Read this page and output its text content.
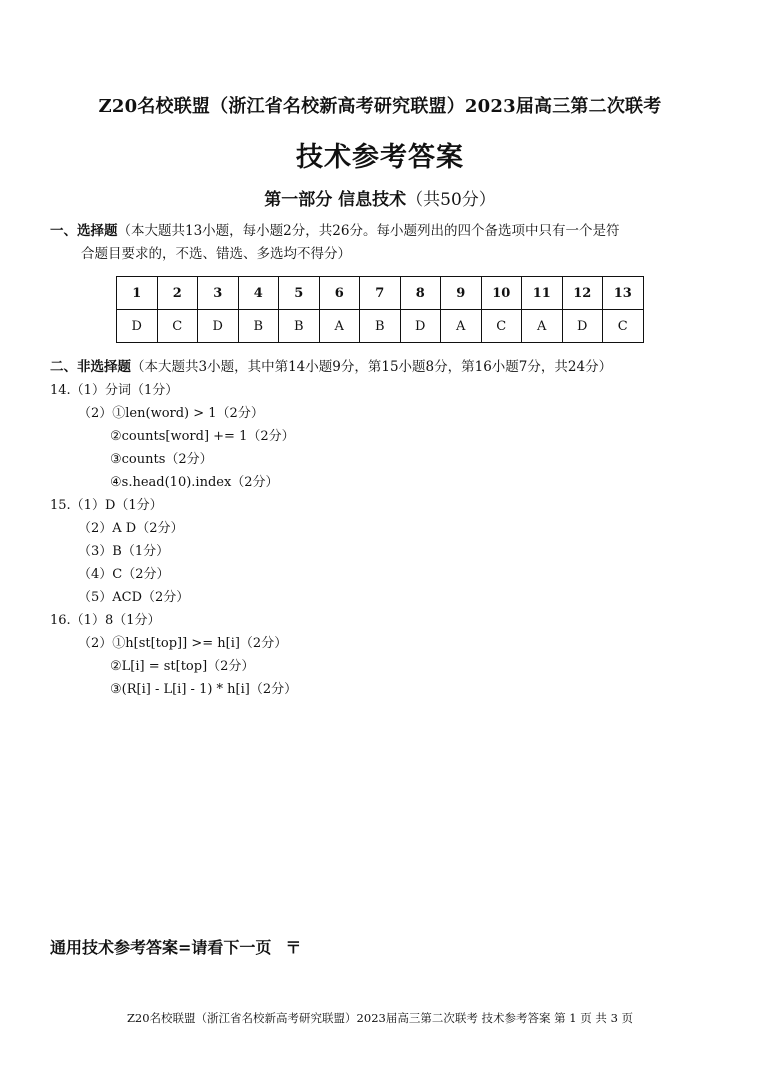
Z20名校联盟（浙江省名校新高考研究联盟）2023届高三第二次联考
技术参考答案
第一部分 信息技术（共50分）
一、选择题（本大题共13小题，每小题2分，共26分。每小题列出的四个备选项中只有一个是符
合题目要求的，不选、错选、多选均不得分）
1	2	3	4	5	6	7	8	9	10	11	12	13
D	C	D	B	B	A	B	D	A	C	A	D	C
二、非选择题（本大题共3小题，其中第14小题9分，第15小题8分，第16小题7分，共24分）
14.（1）分词（1分）
（2）①len(word) > 1（2分）
②counts[word] += 1（2分）
③counts（2分）
④s.head(10).index（2分）
15.（1）D（1分）
（2）A D（2分）
（3）B（1分）
（4）C（2分）
（5）ACD（2分）
16.（1）8（1分）
（2）①h[st[top]] >= h[i]（2分）
②L[i] = st[top]（2分）
③(R[i] - L[i] - 1) * h[i]（2分）
通用技术参考答案=请看下一页 〒
Z20名校联盟（浙江省名校新高考研究联盟）2023届高三第二次联考 技术参考答案 第 1 页 共 3 页
